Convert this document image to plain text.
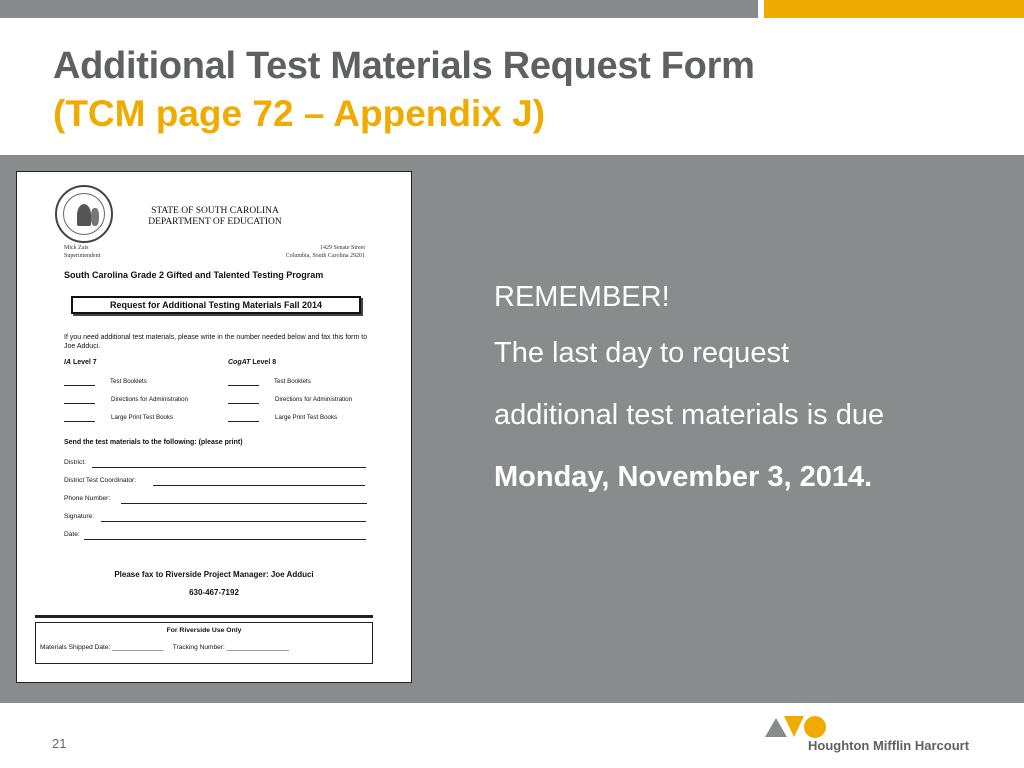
Additional Test Materials Request Form
(TCM page 72 – Appendix J)
STATE OF SOUTH CAROLINA
DEPARTMENT OF EDUCATION
Mick Zais
Superintendent
1429 Senate Street
Columbia, South Carolina 29201
South Carolina Grade 2 Gifted and Talented Testing Program
Request for Additional Testing Materials Fall 2014
If you need additional test materials, please write in the number needed below and fax this form to Joe Adduci.
IA Level 7	CogAT Level 8
Test Booklets
Directions for Administration
Large Print Test Books
Test Booklets
Directions for Administration
Large Print Test Books
Send the test materials to the following: (please print)
District:
District Test Coordinator:
Phone Number:
Signature:
Date:
Please fax to Riverside Project Manager: Joe Adduci
630-467-7192
For Riverside Use Only
Materials Shipped Date: ______________     Tracking Number: _________________
REMEMBER!
The last day to request additional test materials is due Monday, November 3, 2014.
21	Houghton Mifflin Harcourt
